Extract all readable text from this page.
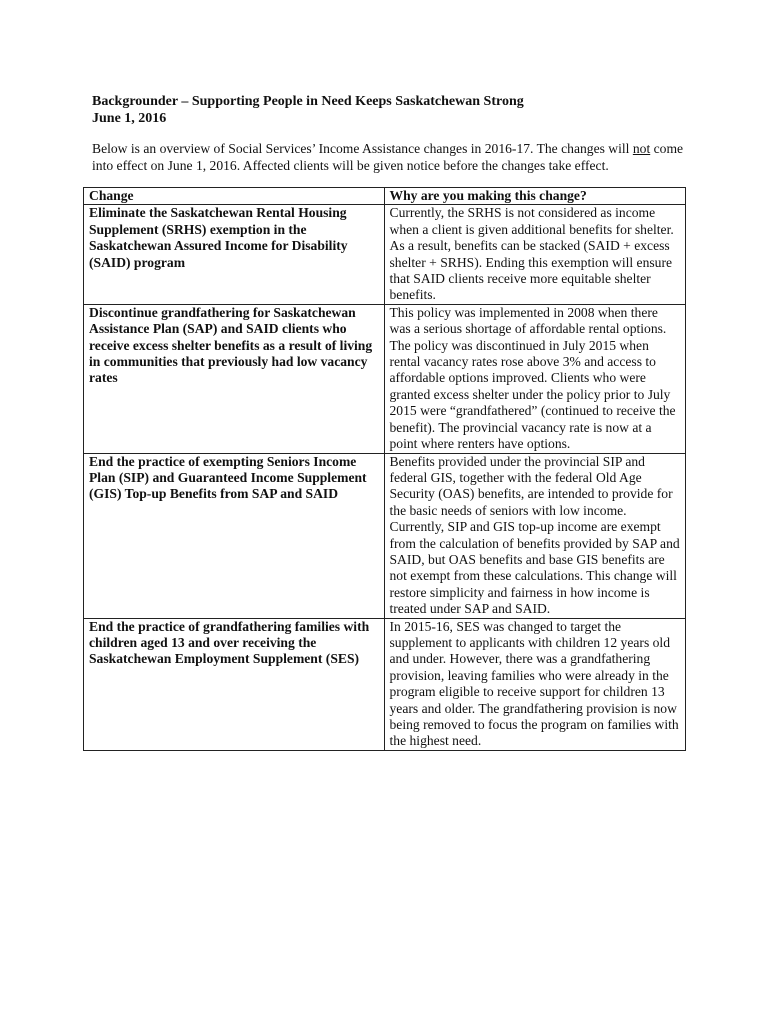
Backgrounder – Supporting People in Need Keeps Saskatchewan Strong
June 1, 2016

Below is an overview of Social Services’ Income Assistance changes in 2016-17. The changes will not come into effect on June 1, 2016. Affected clients will be given notice before the changes take effect.

Change	Why are you making this change?
Eliminate the Saskatchewan Rental Housing Supplement (SRHS) exemption in the Saskatchewan Assured Income for Disability (SAID) program	Currently, the SRHS is not considered as income when a client is given additional benefits for shelter. As a result, benefits can be stacked (SAID + excess shelter + SRHS). Ending this exemption will ensure that SAID clients receive more equitable shelter benefits.
Discontinue grandfathering for Saskatchewan Assistance Plan (SAP) and SAID clients who receive excess shelter benefits as a result of living in communities that previously had low vacancy rates	This policy was implemented in 2008 when there was a serious shortage of affordable rental options. The policy was discontinued in July 2015 when rental vacancy rates rose above 3% and access to affordable options improved. Clients who were granted excess shelter under the policy prior to July 2015 were “grandfathered” (continued to receive the benefit). The provincial vacancy rate is now at a point where renters have options.
End the practice of exempting Seniors Income Plan (SIP) and Guaranteed Income Supplement (GIS) Top-up Benefits from SAP and SAID	Benefits provided under the provincial SIP and federal GIS, together with the federal Old Age Security (OAS) benefits, are intended to provide for the basic needs of seniors with low income. Currently, SIP and GIS top-up income are exempt from the calculation of benefits provided by SAP and SAID, but OAS benefits and base GIS benefits are not exempt from these calculations. This change will restore simplicity and fairness in how income is treated under SAP and SAID.
End the practice of grandfathering families with children aged 13 and over receiving the Saskatchewan Employment Supplement (SES)	In 2015-16, SES was changed to target the supplement to applicants with children 12 years old and under. However, there was a grandfathering provision, leaving families who were already in the program eligible to receive support for children 13 years and older. The grandfathering provision is now being removed to focus the program on families with the highest need.
